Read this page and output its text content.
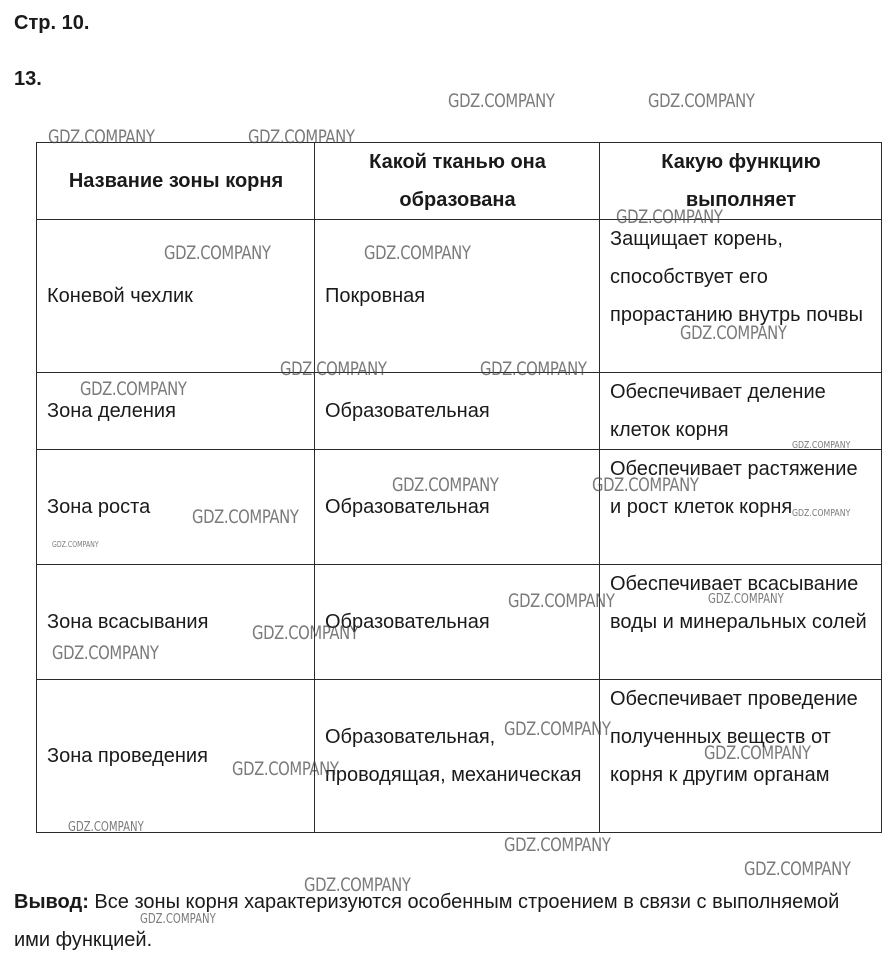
Стр. 10.
13.
Название зоны корня	Какой тканью она образована	Какую функцию выполняет
Коневой чехлик	Покровная	Защищает корень, способствует его прорастанию внутрь почвы
Зона деления	Образовательная	Обеспечивает деление клеток корня
Зона роста	Образовательная	Обеспечивает растяжение и рост клеток корня
Зона всасывания	Образовательная	Обеспечивает всасывание воды и минеральных солей
Зона проведения	Образовательная, проводящая, механическая	Обеспечивает проведение полученных веществ от корня к другим органам

Вывод: Все зоны корня характеризуются особенным строением в связи с выполняемой ими функцией.

GDZ.COMPANY	GDZ.COMPANY
GDZ.COMPANY	GDZ.COMPANY
GDZ.COMPANY
GDZ.COMPANY	GDZ.COMPANY
GDZ.COMPANY
GDZ.COMPANY	GDZ.COMPANY
GDZ.COMPANY
GDZ.COMPANY
GDZ.COMPANY	GDZ.COMPANY
GDZ.COMPANY	GDZ.COMPANY
GDZ.COMPANY
GDZ.COMPANY	GDZ.COMPANY
GDZ.COMPANY
GDZ.COMPANY
GDZ.COMPANY
GDZ.COMPANY
GDZ.COMPANY
GDZ.COMPANY
GDZ.COMPANY
GDZ.COMPANY
GDZ.COMPANY
GDZ.COMPANY
